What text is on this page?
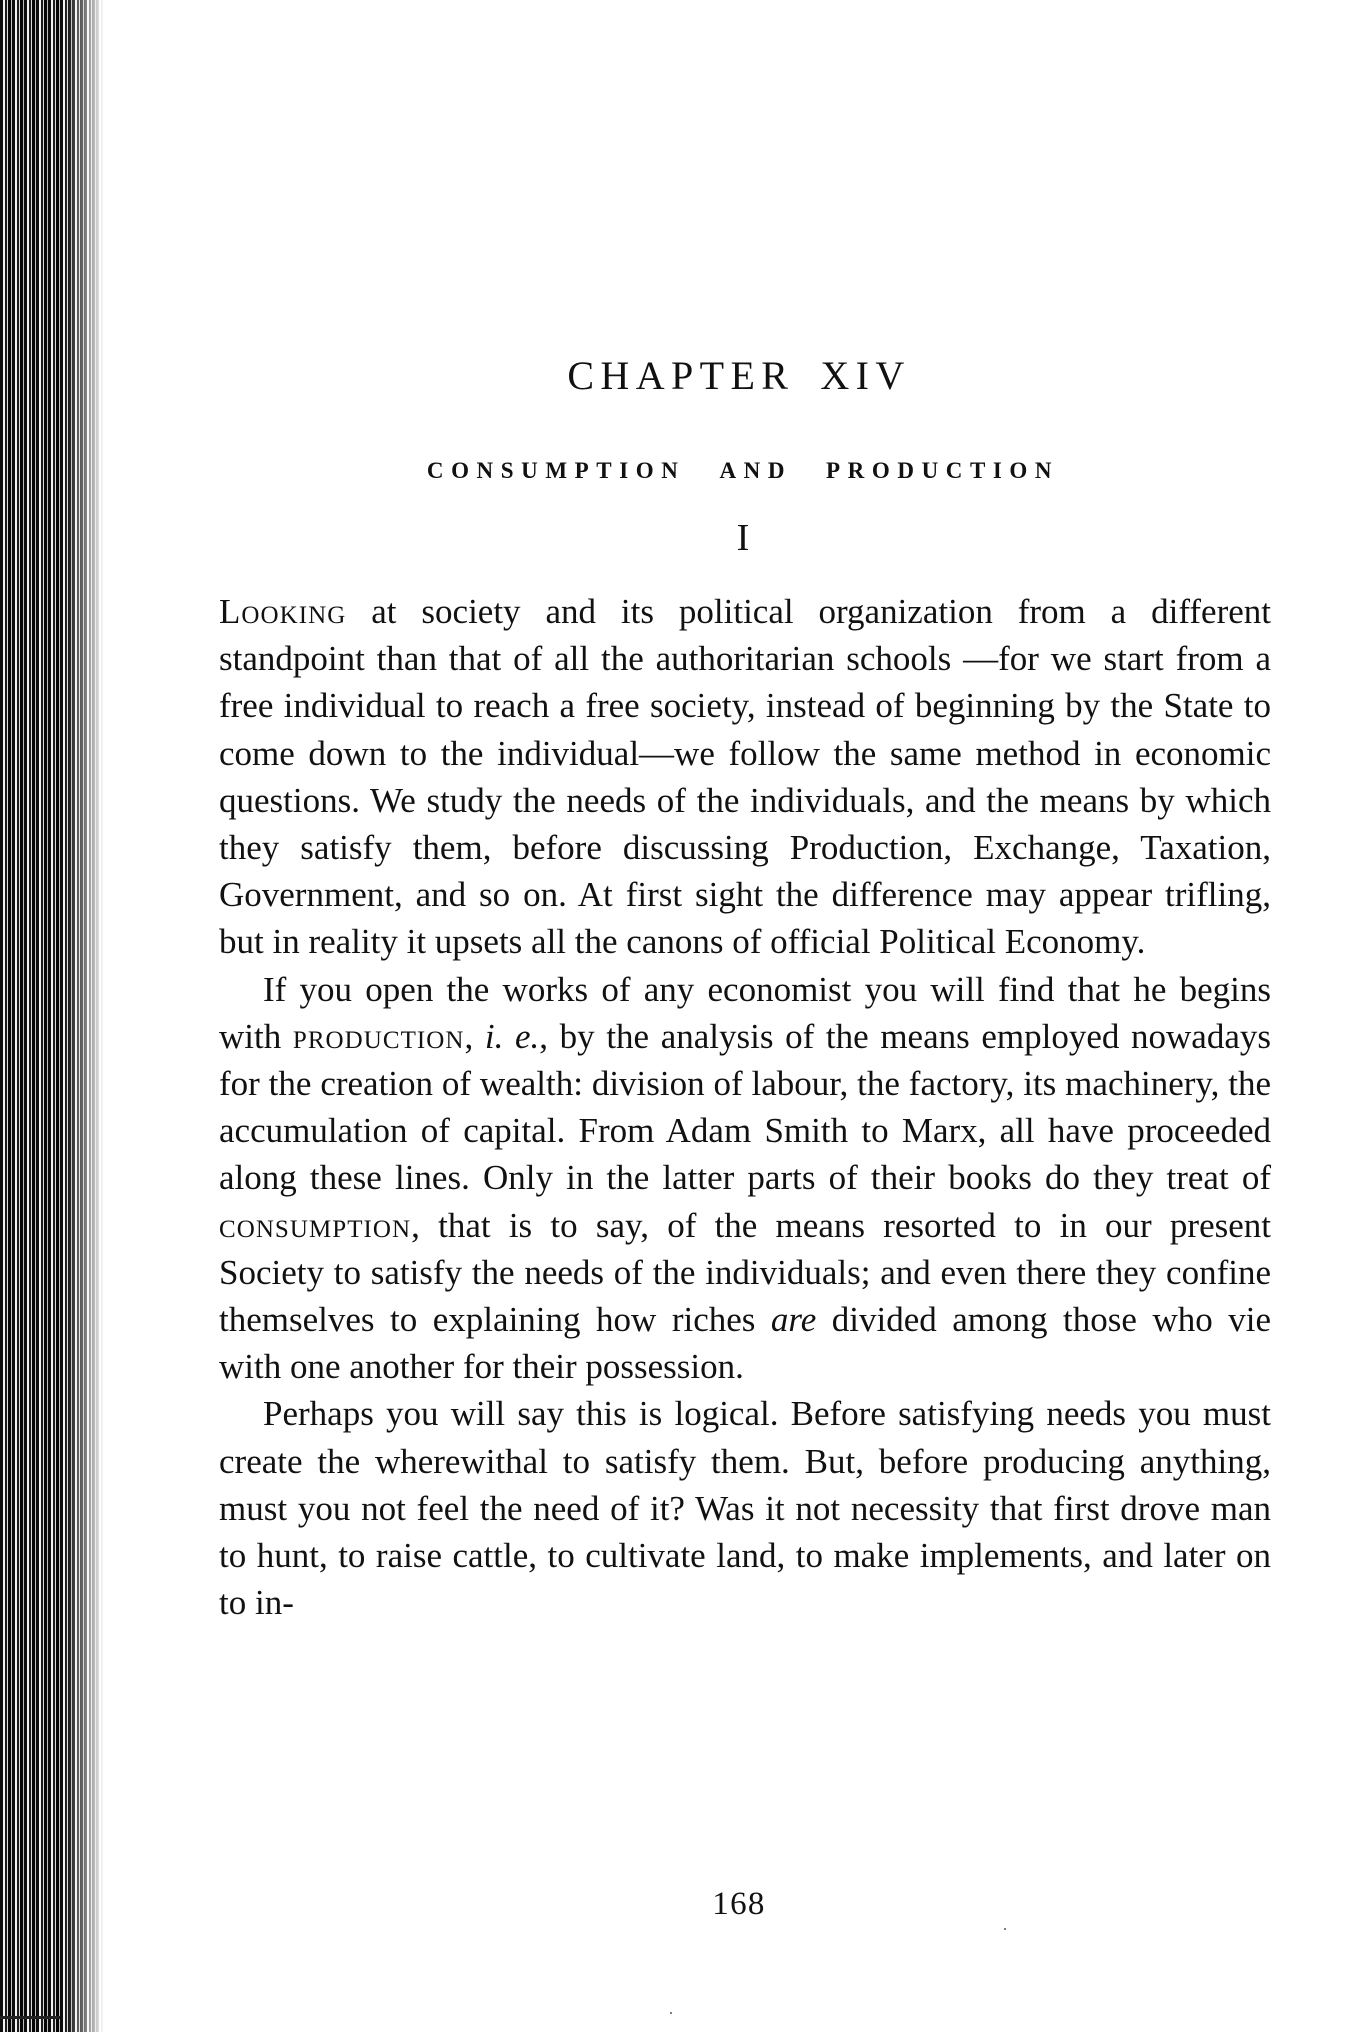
CHAPTER XIV
CONSUMPTION AND PRODUCTION
I

Looking at society and its political organization from a different standpoint than that of all the authoritarian schools —for we start from a free individual to reach a free society, instead of beginning by the State to come down to the individual—we follow the same method in economic questions. We study the needs of the individuals, and the means by which they satisfy them, before discussing Production, Exchange, Taxation, Government, and so on. At first sight the difference may appear trifling, but in reality it upsets all the canons of official Political Economy.

If you open the works of any economist you will find that he begins with production, i. e., by the analysis of the means employed nowadays for the creation of wealth: division of labour, the factory, its machinery, the accumulation of capital. From Adam Smith to Marx, all have proceeded along these lines. Only in the latter parts of their books do they treat of consumption, that is to say, of the means resorted to in our present Society to satisfy the needs of the individuals; and even there they confine themselves to explaining how riches are divided among those who vie with one another for their possession.

Perhaps you will say this is logical. Before satisfying needs you must create the wherewithal to satisfy them. But, before producing anything, must you not feel the need of it? Was it not necessity that first drove man to hunt, to raise cattle, to cultivate land, to make implements, and later on to in-

168
